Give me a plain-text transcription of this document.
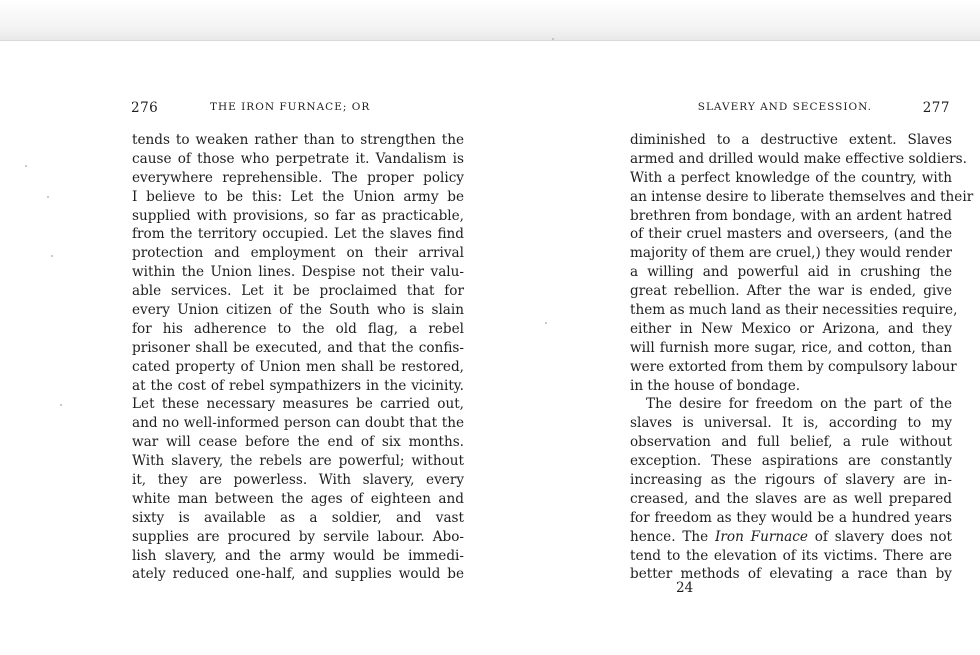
276	THE IRON FURNACE; OR
tends to weaken rather than to strengthen the
cause of those who perpetrate it. Vandalism is
everywhere reprehensible. The proper policy
I believe to be this: Let the Union army be
supplied with provisions, so far as practicable,
from the territory occupied. Let the slaves find
protection and employment on their arrival
within the Union lines. Despise not their valu-
able services. Let it be proclaimed that for
every Union citizen of the South who is slain
for his adherence to the old flag, a rebel
prisoner shall be executed, and that the confis-
cated property of Union men shall be restored,
at the cost of rebel sympathizers in the vicinity.
Let these necessary measures be carried out,
and no well-informed person can doubt that the
war will cease before the end of six months.
With slavery, the rebels are powerful; without
it, they are powerless. With slavery, every
white man between the ages of eighteen and
sixty is available as a soldier, and vast
supplies are procured by servile labour. Abo-
lish slavery, and the army would be immedi-
ately reduced one-half, and supplies would be
SLAVERY AND SECESSION.	277
diminished to a destructive extent. Slaves
armed and drilled would make effective soldiers.
With a perfect knowledge of the country, with
an intense desire to liberate themselves and their
brethren from bondage, with an ardent hatred
of their cruel masters and overseers, (and the
majority of them are cruel,) they would render
a willing and powerful aid in crushing the
great rebellion. After the war is ended, give
them as much land as their necessities require,
either in New Mexico or Arizona, and they
will furnish more sugar, rice, and cotton, than
were extorted from them by compulsory labour
in the house of bondage.
The desire for freedom on the part of the
slaves is universal. It is, according to my
observation and full belief, a rule without
exception. These aspirations are constantly
increasing as the rigours of slavery are in-
creased, and the slaves are as well prepared
for freedom as they would be a hundred years
hence. The Iron Furnace of slavery does not
tend to the elevation of its victims. There are
better methods of elevating a race than by
24
